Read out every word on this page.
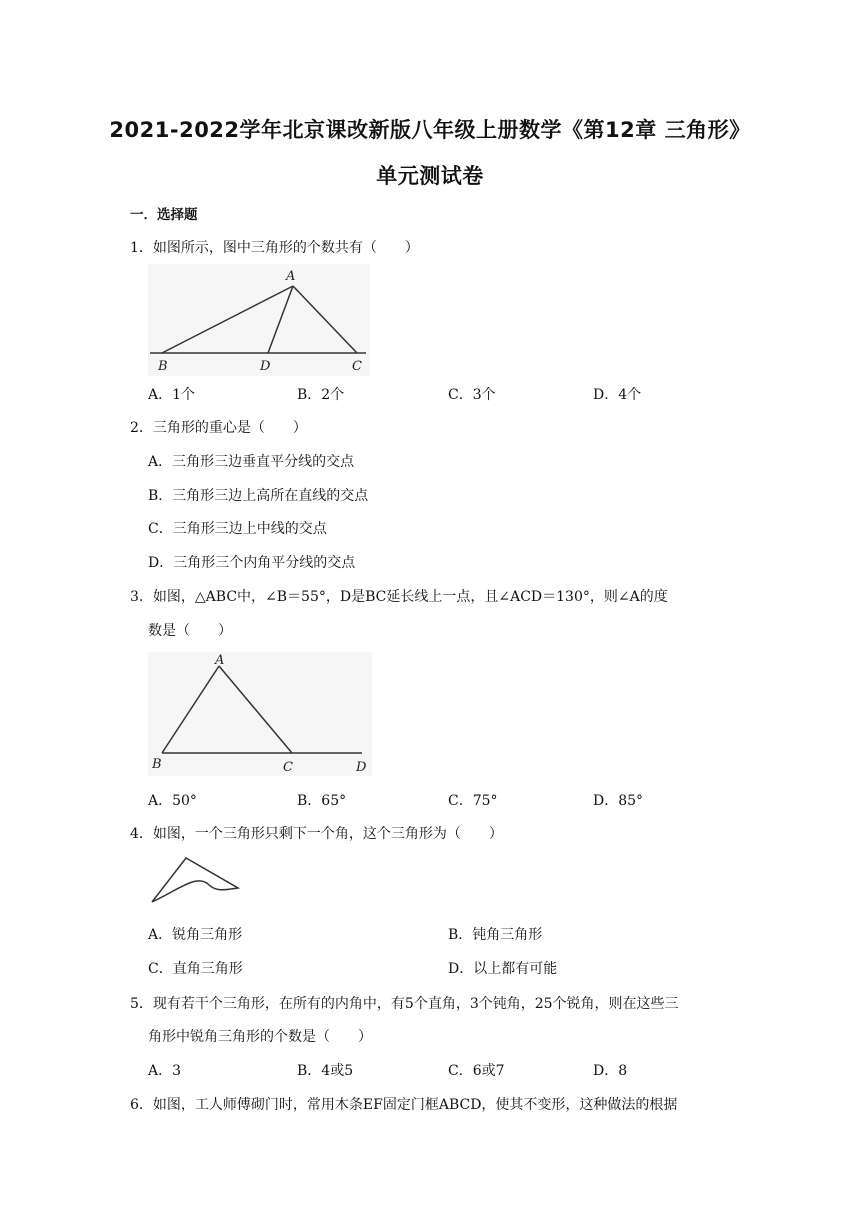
2021-2022学年北京课改新版八年级上册数学《第12章 三角形》
单元测试卷
一．选择题
1．如图所示，图中三角形的个数共有（　　）
A
B	D	C
A．1个	B．2个	C．3个	D．4个
2．三角形的重心是（　　）
A．三角形三边垂直平分线的交点
B．三角形三边上高所在直线的交点
C．三角形三边上中线的交点
D．三角形三个内角平分线的交点
3．如图，△ABC中，∠B＝55°，D是BC延长线上一点，且∠ACD＝130°，则∠A的度
数是（　　）
A
B	C	D
A．50°	B．65°	C．75°	D．85°
4．如图，一个三角形只剩下一个角，这个三角形为（　　）
A．锐角三角形	B．钝角三角形
C．直角三角形	D．以上都有可能
5．现有若干个三角形，在所有的内角中，有5个直角，3个钝角，25个锐角，则在这些三
角形中锐角三角形的个数是（　　）
A．3	B．4或5	C．6或7	D．8
6．如图，工人师傅砌门时，常用木条EF固定门框ABCD，使其不变形，这种做法的根据
